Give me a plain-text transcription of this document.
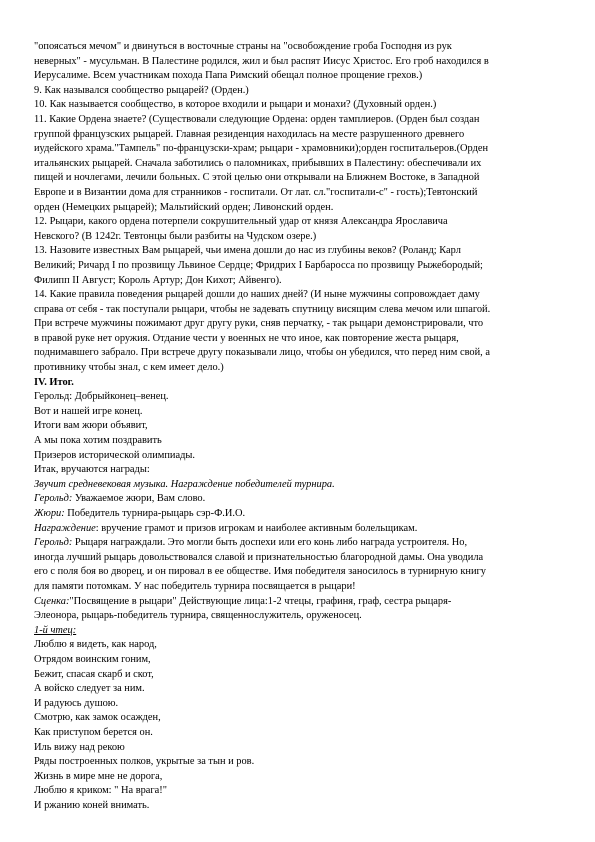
"опоясаться мечом" и двинуться в восточные страны на "освобождение гроба Господня из рук
неверных" - мусульман. В Палестине родился, жил и был распят Иисус Христос. Его гроб находился в
Иерусалиме. Всем участникам похода Папа Римский обещал полное прощение грехов.)
9. Как назывался сообщество рыцарей? (Орден.)
10. Как называется сообщество, в которое входили и рыцари и монахи? (Духовный орден.)
11. Какие Ордена знаете? (Существовали следующие Ордена: орден тамплиеров. (Орден был создан
группой французских рыцарей. Главная резиденция находилась на месте разрушенного древнего
иудейского храма."Тампель" по-французски-храм; рыцари - храмовники);орден госпитальеров.(Орден
итальянских рыцарей. Сначала заботились о паломниках, прибывших в Палестину: обеспечивали их
пищей и ночлегами, лечили больных. С этой целью они открывали на Ближнем Востоке, в Западной
Европе и в Византии дома для странников - госпитали. От лат. сл."госпитали-с" - гость);Тевтонский
орден (Немецких рыцарей); Мальтийский орден; Ливонский орден.
12. Рыцари, какого ордена потерпели сокрушительный удар от князя Александра Ярославича
Невского? (В 1242г. Тевтонцы были разбиты на Чудском озере.)
13. Назовите известных Вам рыцарей, чьи имена дошли до нас из глубины веков? (Роланд; Карл
Великий; Ричард I по прозвищу Львиное Сердце; Фридрих I Барбаросса по прозвищу Рыжебородый;
Филипп II Август; Король Артур; Дон Кихот; Айвенго).
14. Какие правила поведения рыцарей дошли до наших дней? (И ныне мужчины сопровождает даму
справа от себя - так поступали рыцари, чтобы не задевать спутницу висящим слева мечом или шпагой.
При встрече мужчины пожимают друг другу руки, сняв перчатку, - так рыцари демонстрировали, что
в правой руке нет оружия. Отдание чести у военных не что иное, как повторение жеста рыцаря,
поднимавшего забрало. При встрече другу показывали лицо, чтобы он убедился, что перед ним свой, а
противнику чтобы знал, с кем имеет дело.)
IV. Итог.
Герольд: Добрыйконец–венец.
Вот и нашей игре конец.
Итоги вам жюри объявит,
А мы пока хотим поздравить
Призеров исторической олимпиады.
Итак, вручаются награды:
Звучит средневековая музыка. Награждение победителей турнира.
Герольд: Уважаемое жюри, Вам слово.
Жюри: Победитель турнира-рыцарь сэр-Ф.И.О.
Награждение: вручение грамот и призов игрокам и наиболее активным болельщикам.
Герольд: Рыцаря награждали. Это могли быть доспехи или его конь либо награда устроителя. Но,
иногда лучший рыцарь довольствовался славой и признательностью благородной дамы. Она уводила
его с поля боя во дворец, и он пировал в ее обществе. Имя победителя заносилось в турнирную книгу
для памяти потомкам. У нас победитель турнира посвящается в рыцари!
Сценка:"Посвящение в рыцари" Действующие лица:1-2 чтецы, графиня, граф, сестра рыцаря-
Элеонора, рыцарь-победитель турнира, священнослужитель, оруженосец.
1-й чтец:
Люблю я видеть, как народ,
Отрядом воинским гоним,
Бежит, спасая скарб и скот,
А войско следует за ним.
И радуюсь душою.
Смотрю, как замок осажден,
Как приступом берется он.
Иль вижу над рекою
Ряды построенных полков, укрытые за тын и ров.
Жизнь в мире мне не дорога,
Люблю я криком: " На врага!"
И ржанию коней внимать.
